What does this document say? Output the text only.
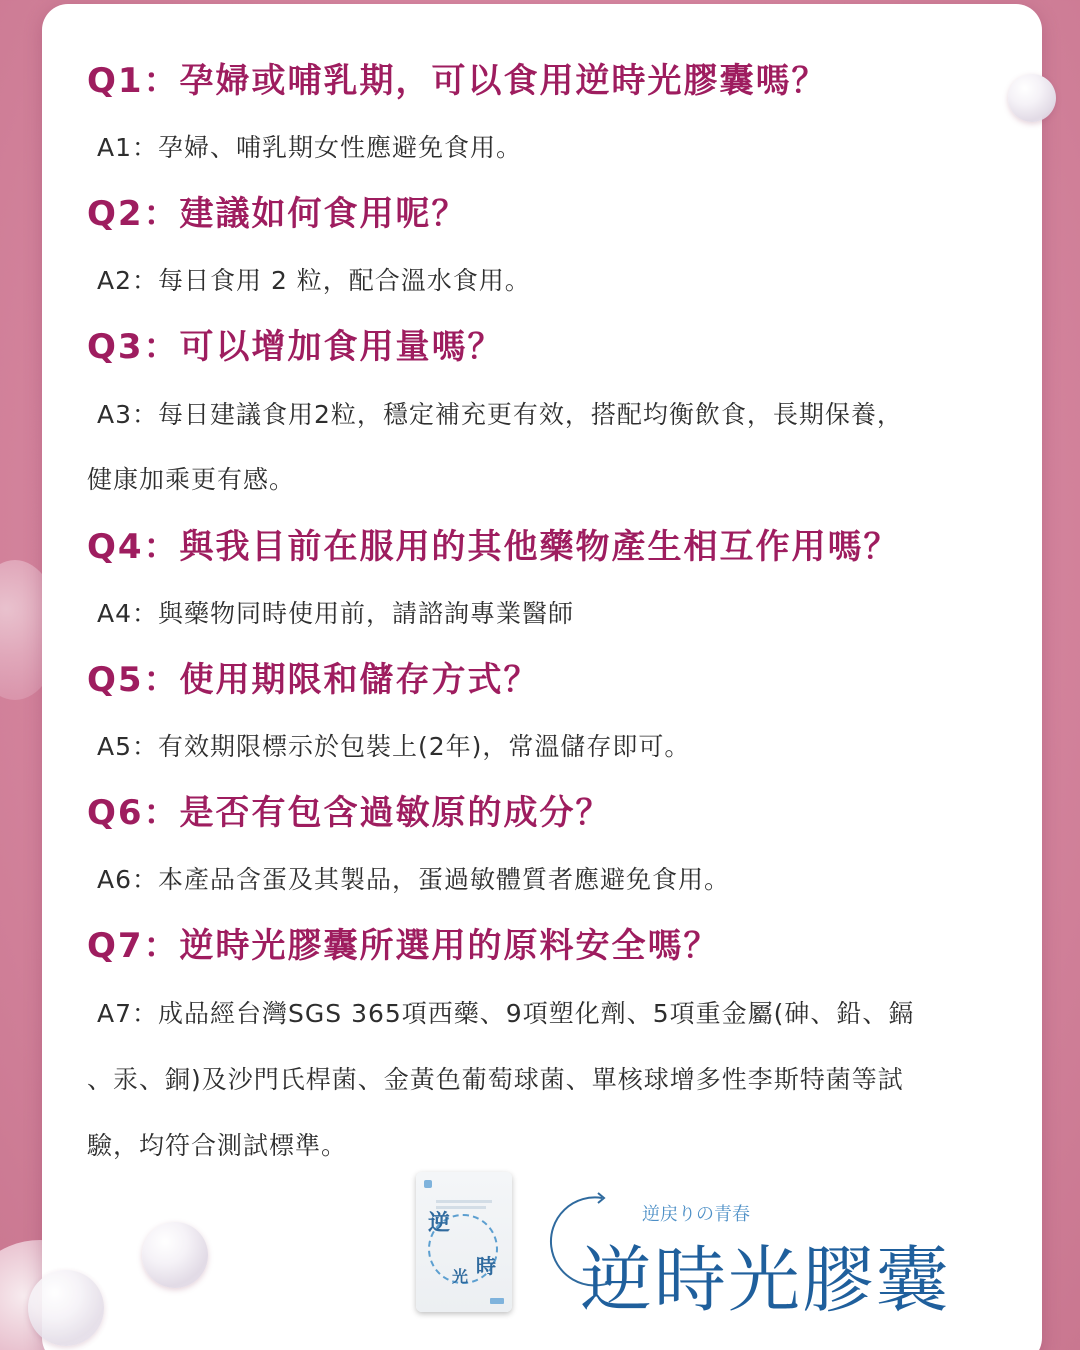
Q1：孕婦或哺乳期，可以食用逆時光膠囊嗎？
A1：孕婦、哺乳期女性應避免食用。
Q2：建議如何食用呢？
A2：每日食用 2 粒，配合溫水食用。
Q3：可以增加食用量嗎？
A3：每日建議食用2粒，穩定補充更有效，搭配均衡飲食，長期保養，
健康加乘更有感。
Q4：與我目前在服用的其他藥物產生相互作用嗎？
A4：與藥物同時使用前，請諮詢專業醫師
Q5：使用期限和儲存方式？
A5：有效期限標示於包裝上(2年)，常溫儲存即可。
Q6：是否有包含過敏原的成分？
A6：本產品含蛋及其製品，蛋過敏體質者應避免食用。
Q7：逆時光膠囊所選用的原料安全嗎？
A7：成品經台灣SGS 365項西藥、9項塑化劑、5項重金屬(砷、鉛、鎘
、汞、銅)及沙門氏桿菌、金黃色葡萄球菌、單核球增多性李斯特菌等試
驗，均符合測試標準。
逆
時
光
逆戻りの青春
逆時光膠囊
